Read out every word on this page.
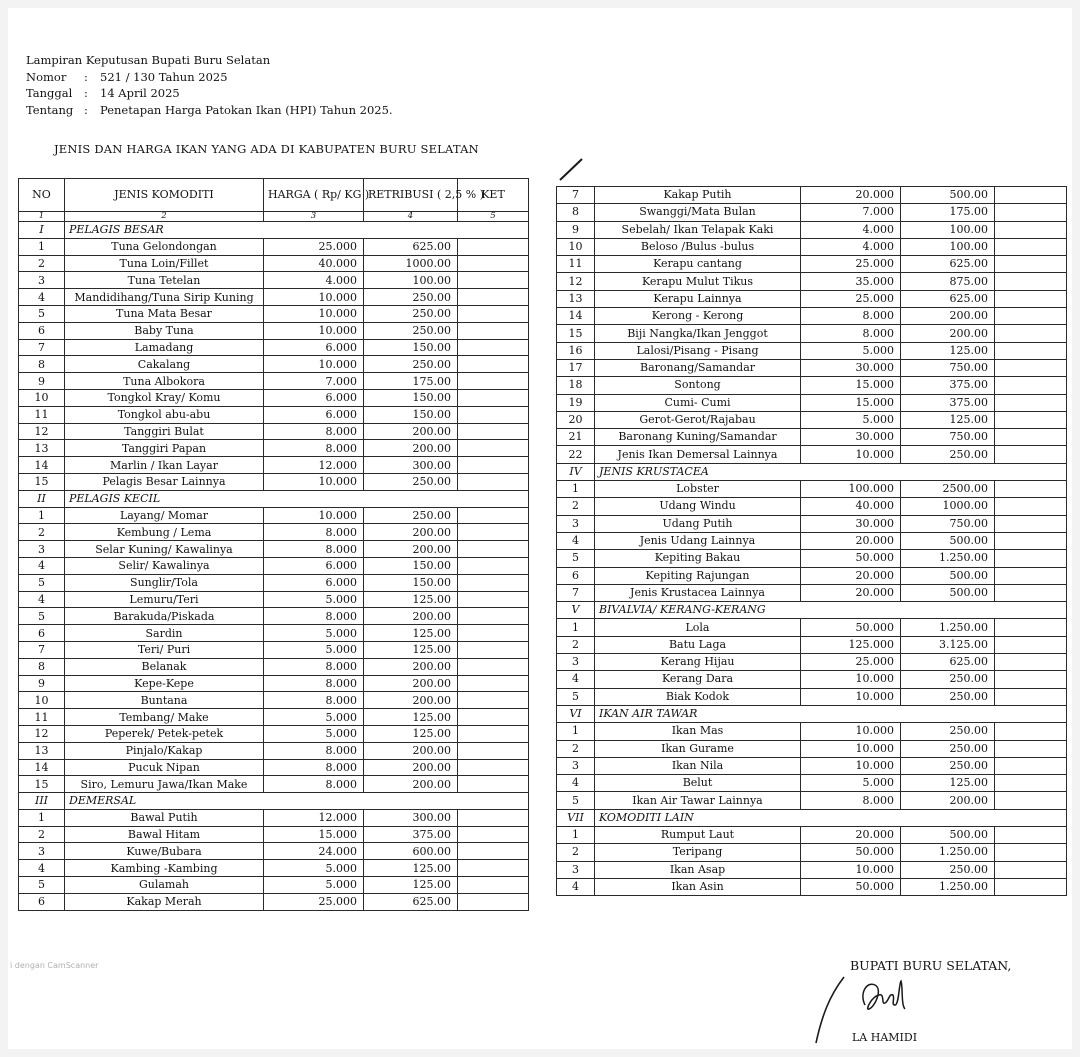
Lampiran Keputusan Bupati Buru Selatan
Nomor	:	521 / 130 Tahun 2025
Tanggal	:	14 April 2025
Tentang :	Penetapan Harga Patokan Ikan (HPI) Tahun 2025.
JENIS DAN HARGA IKAN YANG ADA DI KABUPATEN BURU SELATAN
NO	JENIS KOMODITI	HARGA ( Rp/ KG )	RETRIBUSI ( 2,5 % )	KET
1	2	3	4	5
I	PELAGIS BESAR			
1	Tuna Gelondongan	25.000	625.00	
2	Tuna Loin/Fillet	40.000	1000.00	
3	Tuna Tetelan	4.000	100.00	
4	Mandidihang/Tuna Sirip Kuning	10.000	250.00	
5	Tuna Mata Besar	10.000	250.00	
6	Baby Tuna	10.000	250.00	
7	Lamadang	6.000	150.00	
8	Cakalang	10.000	250.00	
9	Tuna Albokora	7.000	175.00	
10	Tongkol Kray/ Komu	6.000	150.00	
11	Tongkol abu-abu	6.000	150.00	
12	Tanggiri Bulat	8.000	200.00	
13	Tanggiri Papan	8.000	200.00	
14	Marlin / Ikan Layar	12.000	300.00	
15	Pelagis Besar Lainnya	10.000	250.00	
II	PELAGIS KECIL			
1	Layang/ Momar	10.000	250.00	
2	Kembung / Lema	8.000	200.00	
3	Selar Kuning/ Kawalinya	8.000	200.00	
4	Selir/ Kawalinya	6.000	150.00	
5	Sunglir/Tola	6.000	150.00	
4	Lemuru/Teri	5.000	125.00	
5	Barakuda/Piskada	8.000	200.00	
6	Sardin	5.000	125.00	
7	Teri/ Puri	5.000	125.00	
8	Belanak	8.000	200.00	
9	Kepe-Kepe	8.000	200.00	
10	Buntana	8.000	200.00	
11	Tembang/ Make	5.000	125.00	
12	Peperek/ Petek-petek	5.000	125.00	
13	Pinjalo/Kakap	8.000	200.00	
14	Pucuk Nipan	8.000	200.00	
15	Siro, Lemuru Jawa/Ikan Make	8.000	200.00	
III	DEMERSAL			
1	Bawal Putih	12.000	300.00	
2	Bawal Hitam	15.000	375.00	
3	Kuwe/Bubara	24.000	600.00	
4	Kambing -Kambing	5.000	125.00	
5	Gulamah	5.000	125.00	
6	Kakap Merah	25.000	625.00	
7	Kakap Putih	20.000	500.00	
8	Swanggi/Mata Bulan	7.000	175.00	
9	Sebelah/ Ikan Telapak Kaki	4.000	100.00	
10	Beloso /Bulus -bulus	4.000	100.00	
11	Kerapu cantang	25.000	625.00	
12	Kerapu Mulut Tikus	35.000	875.00	
13	Kerapu Lainnya	25.000	625.00	
14	Kerong - Kerong	8.000	200.00	
15	Biji Nangka/Ikan Jenggot	8.000	200.00	
16	Lalosi/Pisang - Pisang	5.000	125.00	
17	Baronang/Samandar	30.000	750.00	
18	Sontong	15.000	375.00	
19	Cumi- Cumi	15.000	375.00	
20	Gerot-Gerot/Rajabau	5.000	125.00	
21	Baronang Kuning/Samandar	30.000	750.00	
22	Jenis Ikan Demersal Lainnya	10.000	250.00	
IV	JENIS KRUSTACEA			
1	Lobster	100.000	2500.00	
2	Udang Windu	40.000	1000.00	
3	Udang Putih	30.000	750.00	
4	Jenis Udang Lainnya	20.000	500.00	
5	Kepiting Bakau	50.000	1.250.00	
6	Kepiting Rajungan	20.000	500.00	
7	Jenis Krustacea Lainnya	20.000	500.00	
V	BIVALVIA/ KERANG-KERANG			
1	Lola	50.000	1.250.00	
2	Batu Laga	125.000	3.125.00	
3	Kerang Hijau	25.000	625.00	
4	Kerang Dara	10.000	250.00	
5	Biak Kodok	10.000	250.00	
VI	IKAN AIR TAWAR			
1	Ikan Mas	10.000	250.00	
2	Ikan Gurame	10.000	250.00	
3	Ikan Nila	10.000	250.00	
4	Belut	5.000	125.00	
5	Ikan Air Tawar Lainnya	8.000	200.00	
VII	KOMODITI LAIN			
1	Rumput Laut	20.000	500.00	
2	Teripang	50.000	1.250.00	
3	Ikan Asap	10.000	250.00	
4	Ikan Asin	50.000	1.250.00	
i dengan CamScanner	BUPATI BURU SELATAN,
LA HAMIDI
